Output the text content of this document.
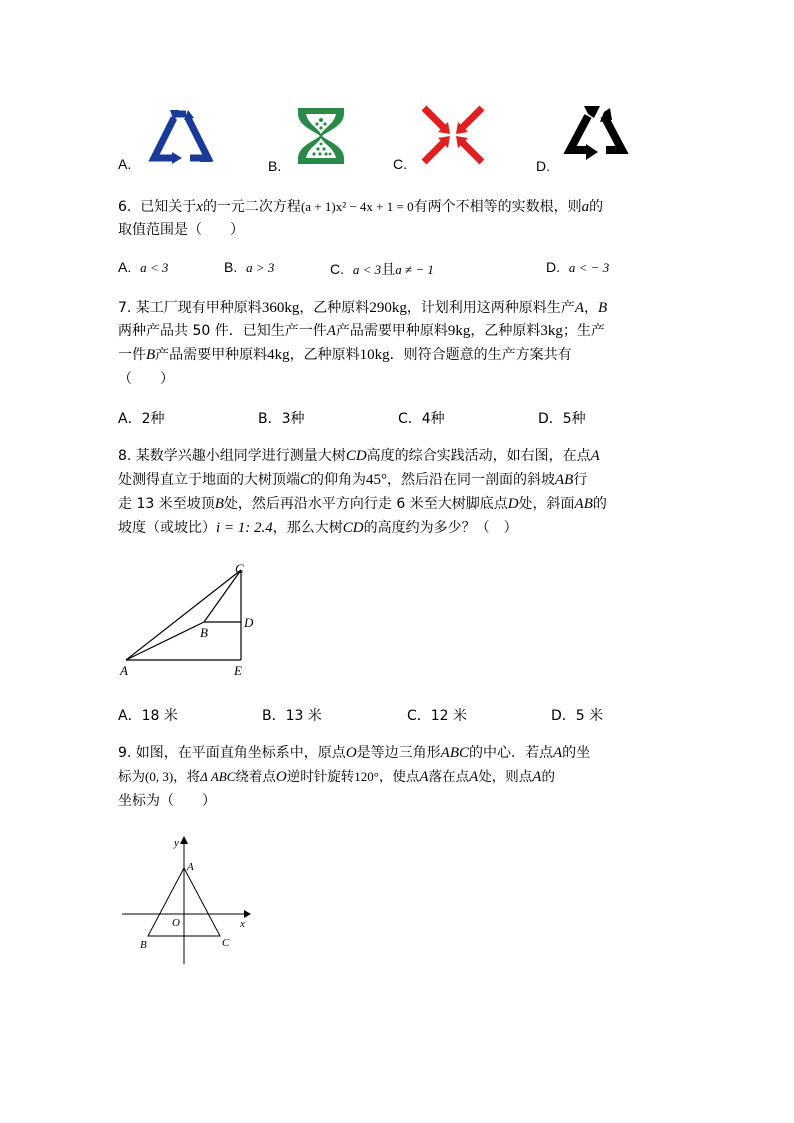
A.	B.	C.	D.
6. 已知关于x的一元二次方程(a + 1)x² − 4x + 1 = 0有两个不相等的实数根，则a的
取值范围是（　　）
A. a < 3	B. a > 3	C. a < 3且a ≠ − 1	D. a < − 3
7. 某工厂现有甲种原料360kg，乙种原料290kg，计划利用这两种原料生产A，B
两种产品共 50 件．已知生产一件A产品需要甲种原料9kg，乙种原料3kg；生产
一件B产品需要甲种原料4kg，乙种原料10kg．则符合题意的生产方案共有
（　　）
A．2种	B．3种	C．4种	D．5种
8. 某数学兴趣小组同学进行测量大树CD高度的综合实践活动，如右图，在点A
处测得直立于地面的大树顶端C的仰角为45°，然后沿在同一剖面的斜坡AB行
走 13 米至坡顶B处，然后再沿水平方向行走 6 米至大树脚底点D处，斜面AB的
坡度（或坡比）i = 1: 2.4，那么大树CD的高度约为多少？（　）
C
D
B
A	E
A．18 米	B．13 米	C．12 米	D．5 米
9. 如图，在平面直角坐标系中，原点O是等边三角形ABC的中心．若点A的坐
标为(0, 3)，将Δ ABC绕着点O逆时针旋转120°，使点A落在点A处，则点A的
坐标为（　　）
y
x
A
O
B	C
